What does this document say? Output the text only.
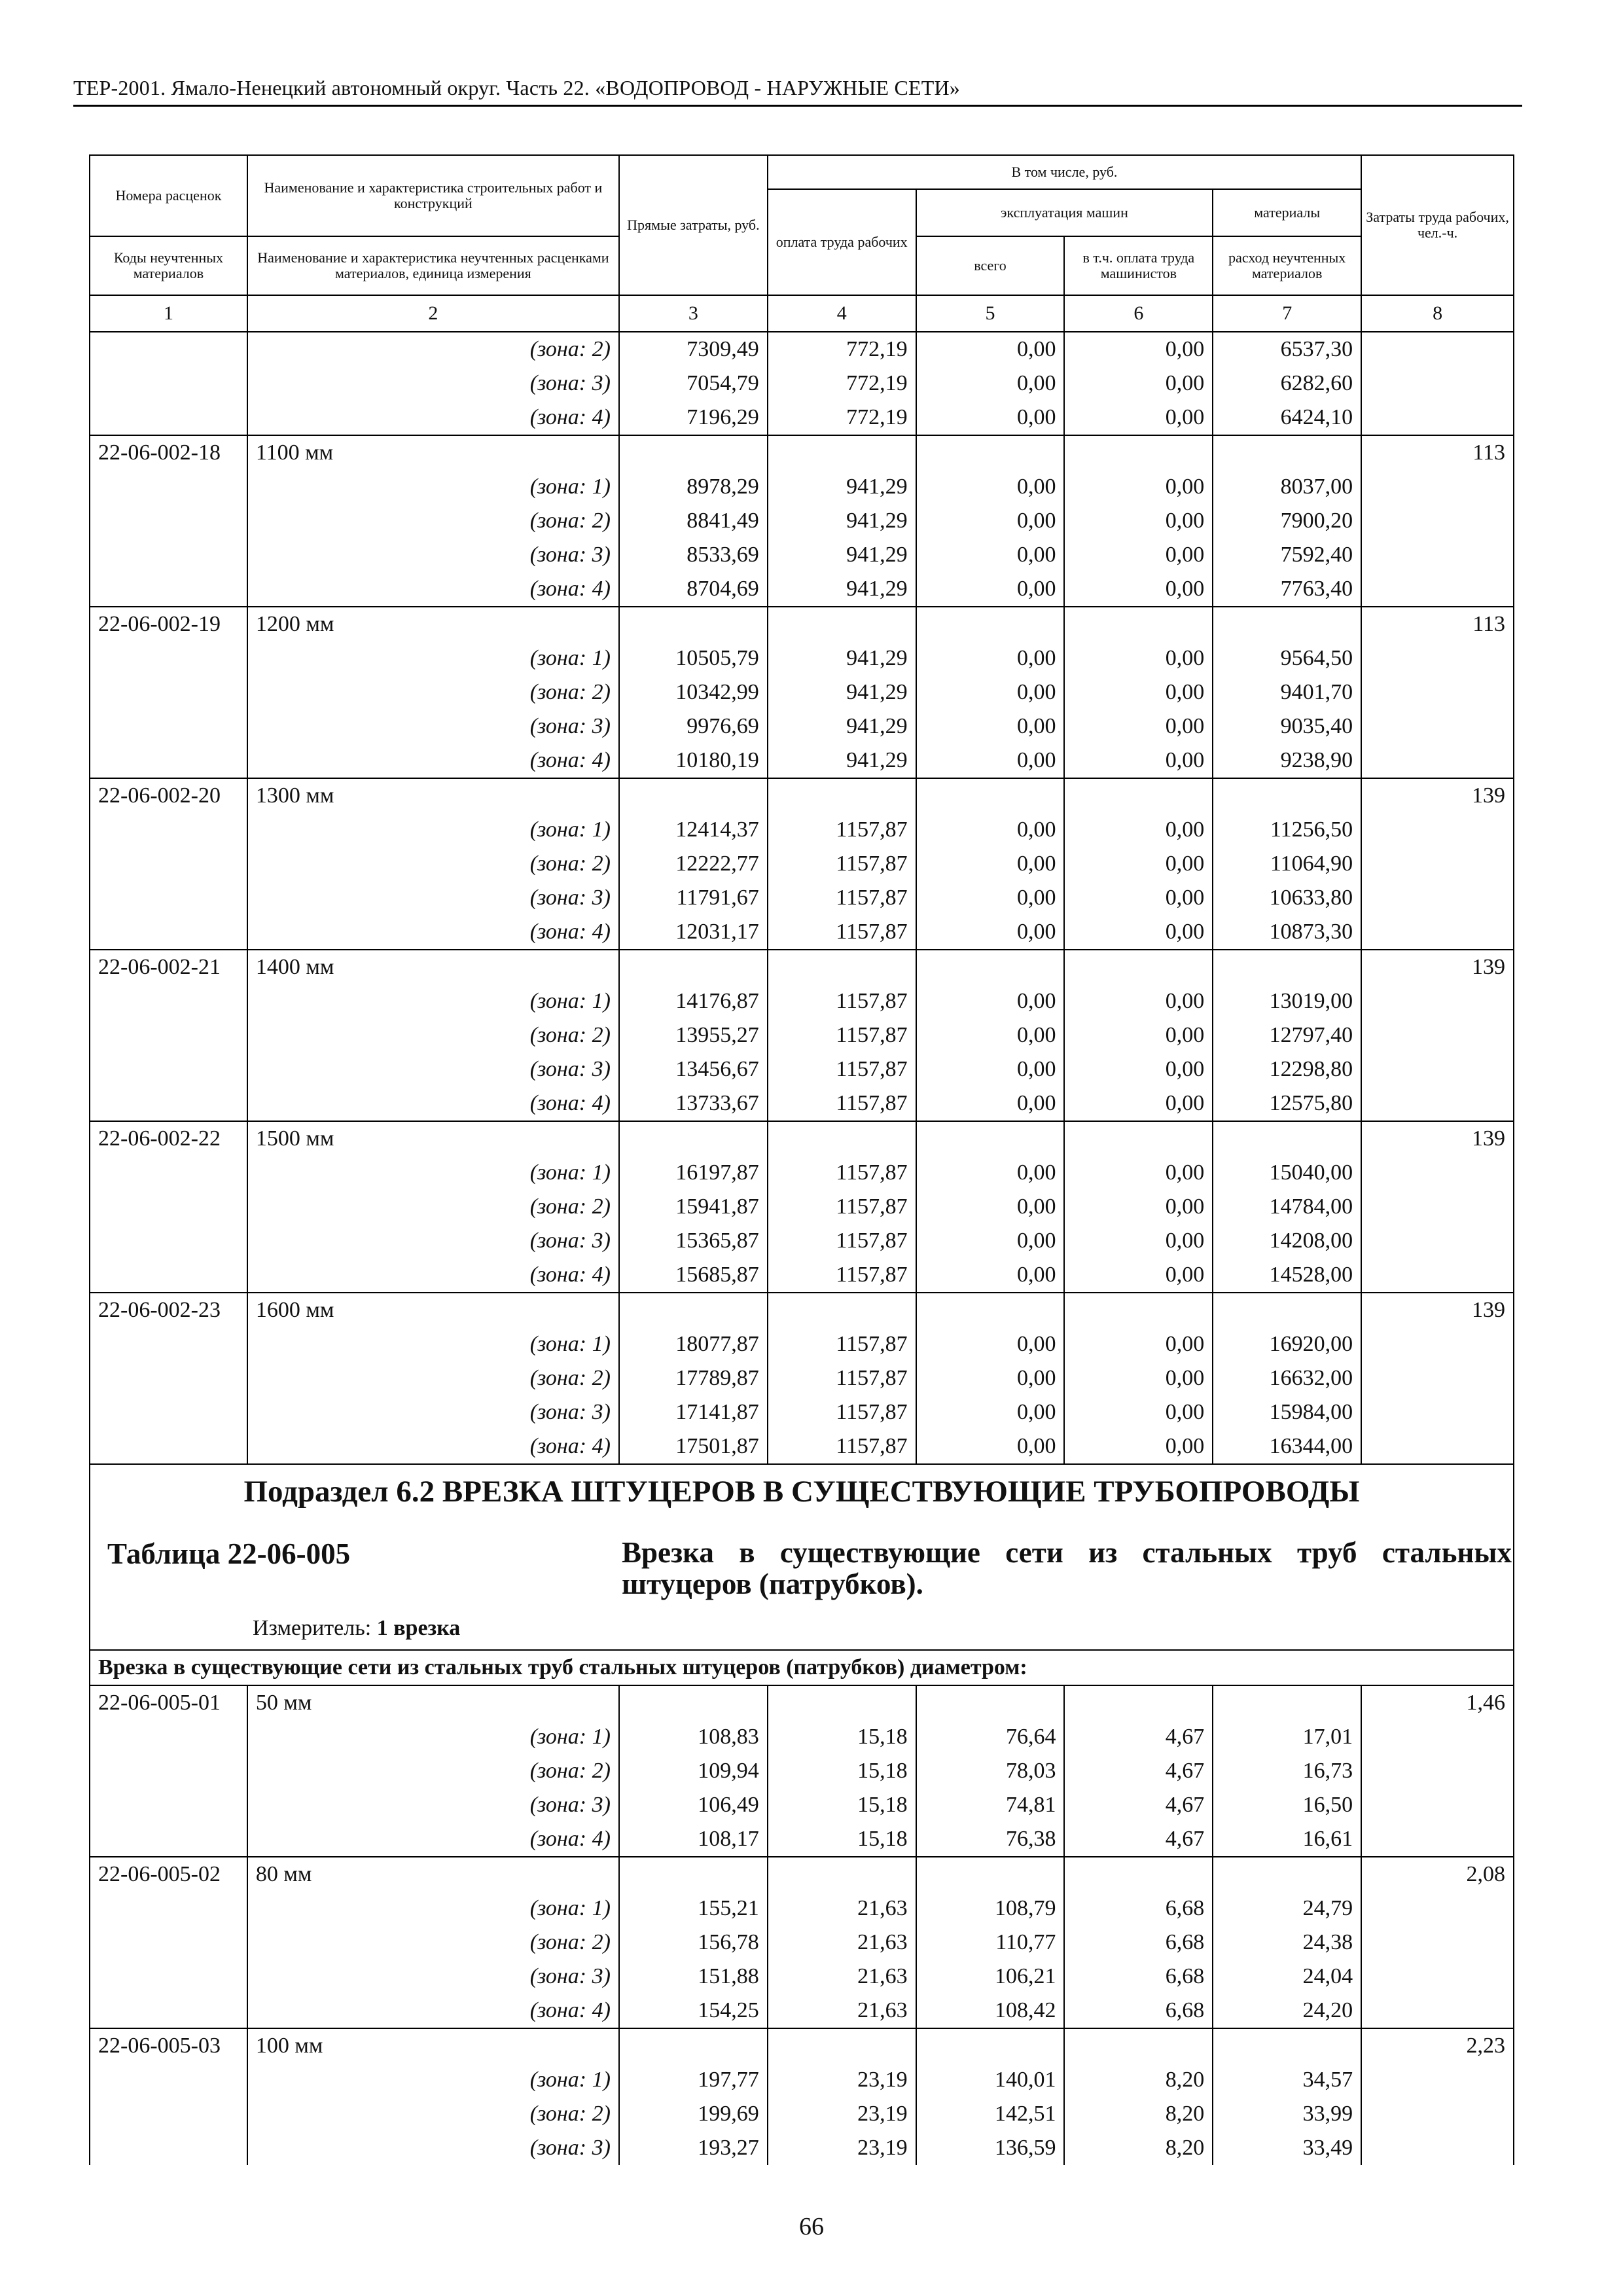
ТЕР-2001. Ямало-Ненецкий автономный округ. Часть 22. «ВОДОПРОВОД - НАРУЖНЫЕ СЕТИ»
Номера расценок	Наименование и характеристика строительных работ и конструкций	Прямые затраты, руб.	В том числе, руб.				Затраты труда рабочих, чел.-ч.
			оплата труда рабочих	эксплуатация машин		материалы	
Коды неучтенных материалов	Наименование и характеристика неучтенных расценками материалов, единица измерения			всего	в т.ч. оплата труда машинистов	расход неучтенных материалов	
1	2	3	4	5	6	7	8
	(зона: 2)	7309,49	772,19	0,00	0,00	6537,30	
	(зона: 3)	7054,79	772,19	0,00	0,00	6282,60	
	(зона: 4)	7196,29	772,19	0,00	0,00	6424,10	
22-06-002-18	1100 мм						113
	(зона: 1)	8978,29	941,29	0,00	0,00	8037,00	
	(зона: 2)	8841,49	941,29	0,00	0,00	7900,20	
	(зона: 3)	8533,69	941,29	0,00	0,00	7592,40	
	(зона: 4)	8704,69	941,29	0,00	0,00	7763,40	
22-06-002-19	1200 мм						113
	(зона: 1)	10505,79	941,29	0,00	0,00	9564,50	
	(зона: 2)	10342,99	941,29	0,00	0,00	9401,70	
	(зона: 3)	9976,69	941,29	0,00	0,00	9035,40	
	(зона: 4)	10180,19	941,29	0,00	0,00	9238,90	
22-06-002-20	1300 мм						139
	(зона: 1)	12414,37	1157,87	0,00	0,00	11256,50	
	(зона: 2)	12222,77	1157,87	0,00	0,00	11064,90	
	(зона: 3)	11791,67	1157,87	0,00	0,00	10633,80	
	(зона: 4)	12031,17	1157,87	0,00	0,00	10873,30	
22-06-002-21	1400 мм						139
	(зона: 1)	14176,87	1157,87	0,00	0,00	13019,00	
	(зона: 2)	13955,27	1157,87	0,00	0,00	12797,40	
	(зона: 3)	13456,67	1157,87	0,00	0,00	12298,80	
	(зона: 4)	13733,67	1157,87	0,00	0,00	12575,80	
22-06-002-22	1500 мм						139
	(зона: 1)	16197,87	1157,87	0,00	0,00	15040,00	
	(зона: 2)	15941,87	1157,87	0,00	0,00	14784,00	
	(зона: 3)	15365,87	1157,87	0,00	0,00	14208,00	
	(зона: 4)	15685,87	1157,87	0,00	0,00	14528,00	
22-06-002-23	1600 мм						139
	(зона: 1)	18077,87	1157,87	0,00	0,00	16920,00	
	(зона: 2)	17789,87	1157,87	0,00	0,00	16632,00	
	(зона: 3)	17141,87	1157,87	0,00	0,00	15984,00	
	(зона: 4)	17501,87	1157,87	0,00	0,00	16344,00	

Подраздел 6.2 ВРЕЗКА ШТУЦЕРОВ В СУЩЕСТВУЮЩИЕ ТРУБОПРОВОДЫ
Таблица 22-06-005 Врезка в существующие сети из стальных труб стальных штуцеров (патрубков).
Измеритель: 1 врезка							

Врезка в существующие сети из стальных труб стальных штуцеров (патрубков) диаметром:							
22-06-005-01	50 мм						1,46
	(зона: 1)	108,83	15,18	76,64	4,67	17,01	
	(зона: 2)	109,94	15,18	78,03	4,67	16,73	
	(зона: 3)	106,49	15,18	74,81	4,67	16,50	
	(зона: 4)	108,17	15,18	76,38	4,67	16,61	
22-06-005-02	80 мм						2,08
	(зона: 1)	155,21	21,63	108,79	6,68	24,79	
	(зона: 2)	156,78	21,63	110,77	6,68	24,38	
	(зона: 3)	151,88	21,63	106,21	6,68	24,04	
	(зона: 4)	154,25	21,63	108,42	6,68	24,20	
22-06-005-03	100 мм						2,23
	(зона: 1)	197,77	23,19	140,01	8,20	34,57	
	(зона: 2)	199,69	23,19	142,51	8,20	33,99	
	(зона: 3)	193,27	23,19	136,59	8,20	33,49	
66
